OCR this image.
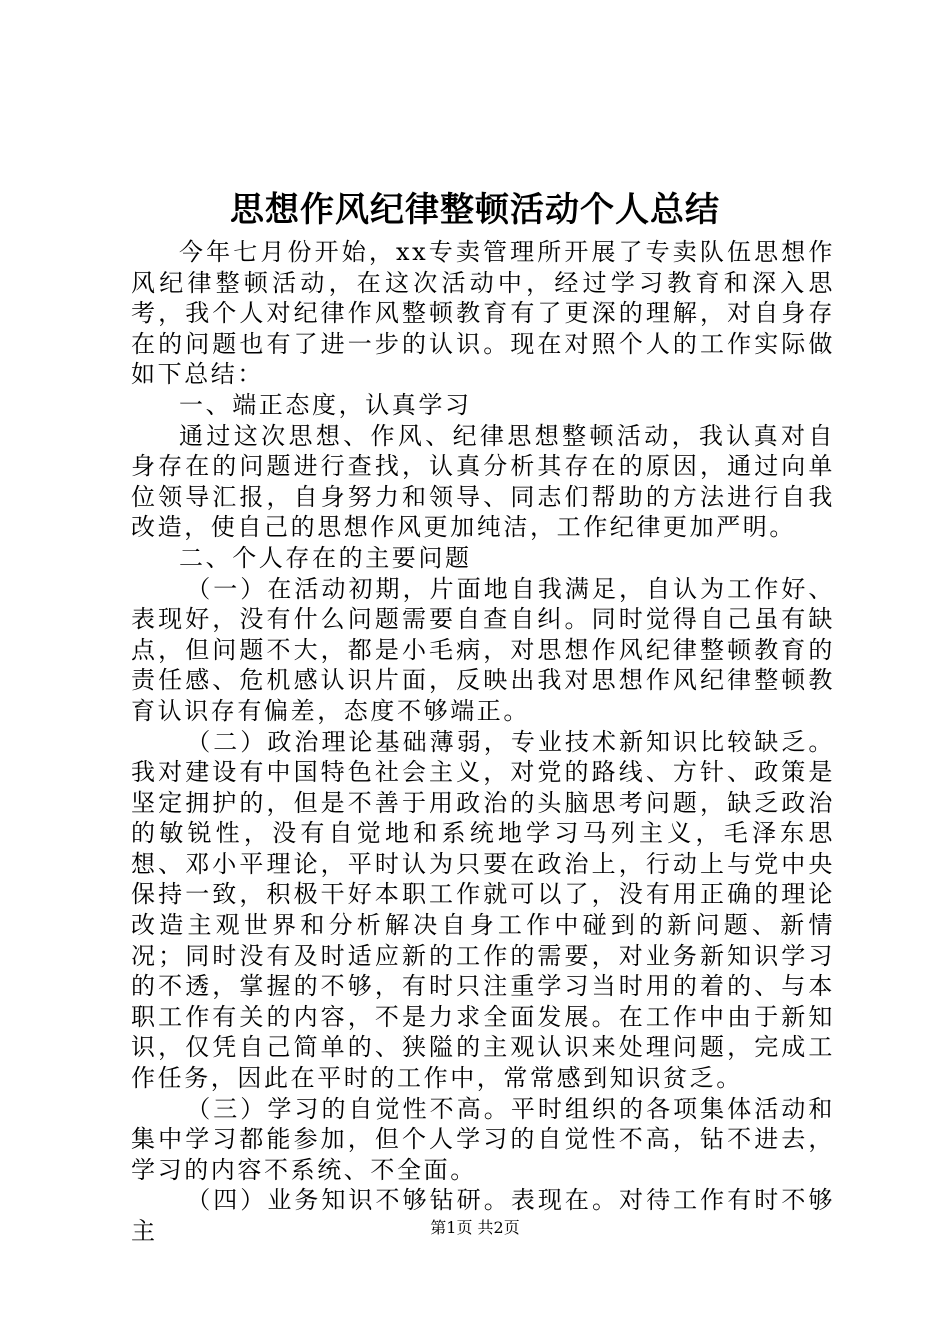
思想作风纪律整顿活动个人总结

今年七月份开始，xx专卖管理所开展了专卖队伍思想作风纪律整顿活动，在这次活动中，经过学习教育和深入思考，我个人对纪律作风整顿教育有了更深的理解，对自身存在的问题也有了进一步的认识。现在对照个人的工作实际做如下总结：

一、端正态度，认真学习

通过这次思想、作风、纪律思想整顿活动，我认真对自身存在的问题进行查找，认真分析其存在的原因，通过向单位领导汇报，自身努力和领导、同志们帮助的方法进行自我改造，使自己的思想作风更加纯洁，工作纪律更加严明。

二、个人存在的主要问题

（一）在活动初期，片面地自我满足，自认为工作好、表现好，没有什么问题需要自查自纠。同时觉得自己虽有缺点，但问题不大，都是小毛病，对思想作风纪律整顿教育的责任感、危机感认识片面，反映出我对思想作风纪律整顿教育认识存有偏差，态度不够端正。

（二）政治理论基础薄弱，专业技术新知识比较缺乏。我对建设有中国特色社会主义，对党的路线、方针、政策是坚定拥护的，但是不善于用政治的头脑思考问题，缺乏政治的敏锐性，没有自觉地和系统地学习马列主义，毛泽东思想、邓小平理论，平时认为只要在政治上，行动上与党中央保持一致，积极干好本职工作就可以了，没有用正确的理论改造主观世界和分析解决自身工作中碰到的新问题、新情况；同时没有及时适应新的工作的需要，对业务新知识学习的不透，掌握的不够，有时只注重学习当时用的着的、与本职工作有关的内容，不是力求全面发展。在工作中由于新知识，仅凭自己简单的、狭隘的主观认识来处理问题，完成工作任务，因此在平时的工作中，常常感到知识贫乏。

（三）学习的自觉性不高。平时组织的各项集体活动和集中学习都能参加，但个人学习的自觉性不高，钻不进去，学习的内容不系统、不全面。

（四）业务知识不够钻研。表现在。对待工作有时不够主	第1页 共2页
